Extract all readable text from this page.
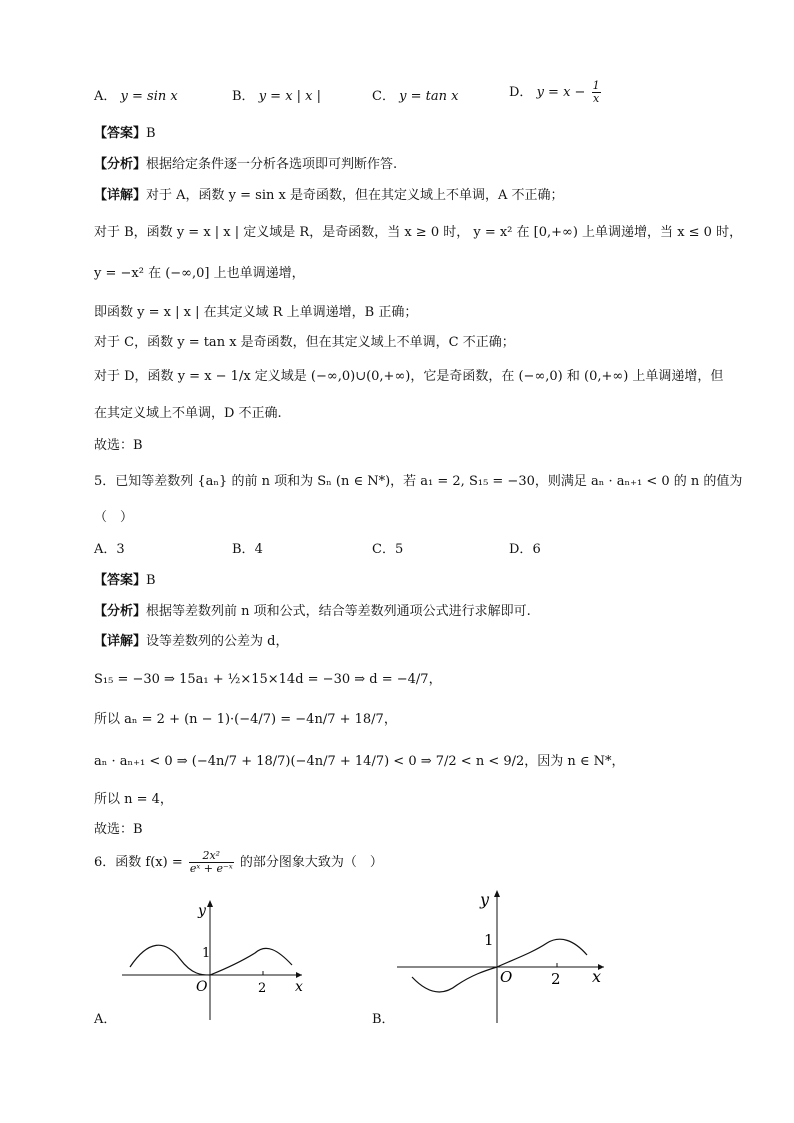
A． y = sin x	B． y = x | x |	C． y = tan x	D． $y = x - \frac{1}{x}$
【答案】B
【分析】根据给定条件逐一分析各选项即可判断作答.
【详解】对于 A，函数 y = sin x 是奇函数，但在其定义域上不单调，A 不正确；
对于 B，函数 y = x | x | 定义域是 R，是奇函数，当 x ≥ 0 时， y = x² 在 [0,+∞) 上单调递增，当 x ≤ 0 时，
y = −x² 在 (−∞,0] 上也单调递增，
即函数 y = x | x | 在其定义域 R 上单调递增，B 正确；
对于 C，函数 y = tan x 是奇函数，但在其定义域上不单调，C 不正确；
对于 D，函数 y = x − 1/x 定义域是 (−∞,0)∪(0,+∞)，它是奇函数，在 (−∞,0) 和 (0,+∞) 上单调递增，但
在其定义域上不单调，D 不正确.
故选：B
5．已知等差数列 {aₙ} 的前 n 项和为 Sₙ (n ∈ N*)，若 a₁ = 2, S₁₅ = −30，则满足 aₙ · aₙ₊₁ < 0 的 n 的值为
（　）
A．3	B．4	C．5	D．6
【答案】B
【分析】根据等差数列前 n 项和公式，结合等差数列通项公式进行求解即可.
【详解】设等差数列的公差为 d，
S₁₅ = −30 ⇒ 15a₁ + ½×15×14d = −30 ⇒ d = −4/7，
所以 aₙ = 2 + (n − 1)·(−4/7) = −4n/7 + 18/7，
aₙ · aₙ₊₁ < 0 ⇒ (−4n/7 + 18/7)(−4n/7 + 14/7) < 0 ⇒ 7/2 < n < 9/2，因为 n ∈ N*，
所以 n = 4，
故选：B
6．函数 $f(x) = \frac{\text{2x²}}{\text{eˣ + e⁻ˣ}}$ 的部分图象大致为（　）
y
1
O	2 x
A．
y
1
O	2 x
B．
